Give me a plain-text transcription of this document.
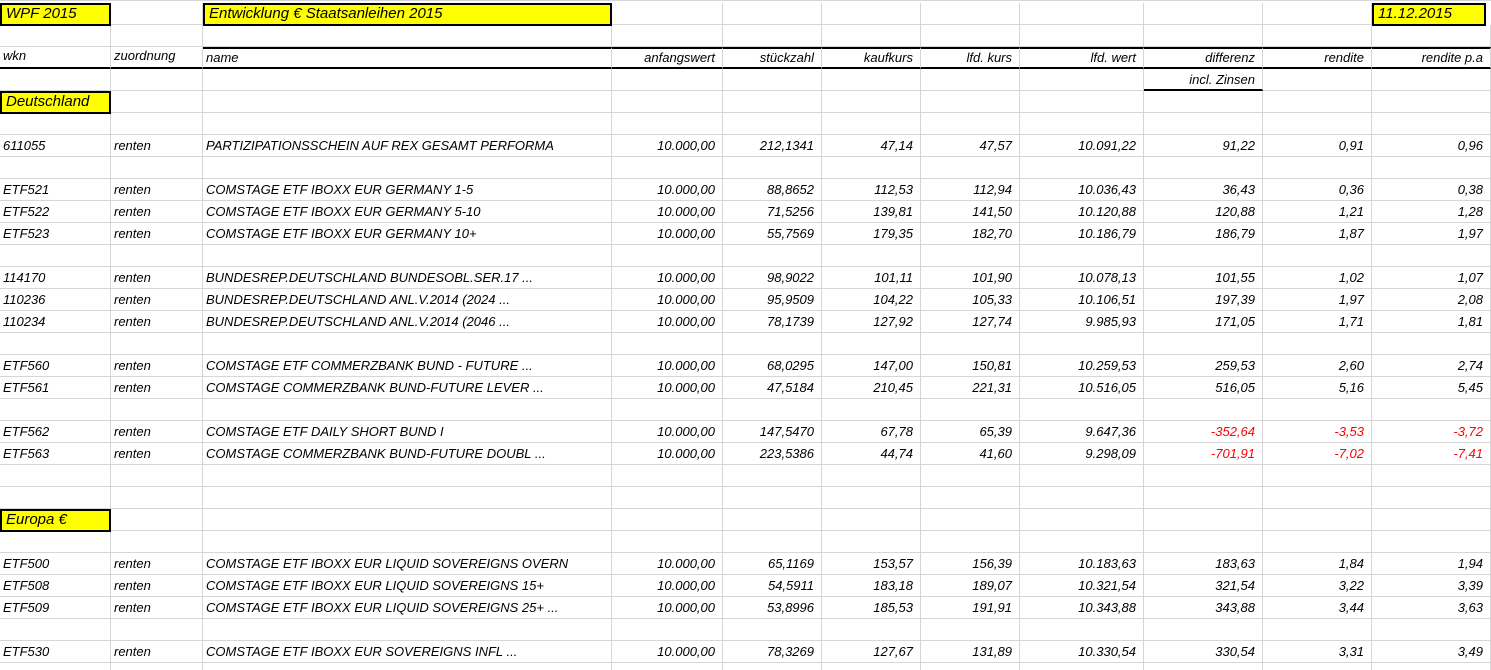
WPF 2015	Entwicklung € Staatsanleihen 2015	11.12.2015
wkn	zuordnung	name	anfangswert	stückzahl	kaufkurs	lfd. kurs	lfd. wert	differenz	rendite	rendite p.a
incl. Zinsen
Deutschland
611055	renten	PARTIZIPATIONSSCHEIN AUF REX GESAMT PERFORMA	10.000,00	212,1341	47,14	47,57	10.091,22	91,22	0,91	0,96
ETF521	renten	COMSTAGE ETF IBOXX EUR GERMANY 1-5	10.000,00	88,8652	112,53	112,94	10.036,43	36,43	0,36	0,38
ETF522	renten	COMSTAGE ETF IBOXX EUR GERMANY 5-10	10.000,00	71,5256	139,81	141,50	10.120,88	120,88	1,21	1,28
ETF523	renten	COMSTAGE ETF IBOXX EUR GERMANY 10+	10.000,00	55,7569	179,35	182,70	10.186,79	186,79	1,87	1,97
114170	renten	BUNDESREP.DEUTSCHLAND BUNDESOBL.SER.17 ...	10.000,00	98,9022	101,11	101,90	10.078,13	101,55	1,02	1,07
110236	renten	BUNDESREP.DEUTSCHLAND ANL.V.2014 (2024 ...	10.000,00	95,9509	104,22	105,33	10.106,51	197,39	1,97	2,08
110234	renten	BUNDESREP.DEUTSCHLAND ANL.V.2014 (2046 ...	10.000,00	78,1739	127,92	127,74	9.985,93	171,05	1,71	1,81
ETF560	renten	COMSTAGE ETF COMMERZBANK BUND - FUTURE ...	10.000,00	68,0295	147,00	150,81	10.259,53	259,53	2,60	2,74
ETF561	renten	COMSTAGE COMMERZBANK BUND-FUTURE LEVER ...	10.000,00	47,5184	210,45	221,31	10.516,05	516,05	5,16	5,45
ETF562	renten	COMSTAGE ETF DAILY SHORT BUND I	10.000,00	147,5470	67,78	65,39	9.647,36	-352,64	-3,53	-3,72
ETF563	renten	COMSTAGE COMMERZBANK BUND-FUTURE DOUBL ...	10.000,00	223,5386	44,74	41,60	9.298,09	-701,91	-7,02	-7,41
Europa €
ETF500	renten	COMSTAGE ETF IBOXX EUR LIQUID SOVEREIGNS OVERN	10.000,00	65,1169	153,57	156,39	10.183,63	183,63	1,84	1,94
ETF508	renten	COMSTAGE ETF IBOXX EUR LIQUID SOVEREIGNS 15+	10.000,00	54,5911	183,18	189,07	10.321,54	321,54	3,22	3,39
ETF509	renten	COMSTAGE ETF IBOXX EUR LIQUID SOVEREIGNS 25+ ...	10.000,00	53,8996	185,53	191,91	10.343,88	343,88	3,44	3,63
ETF530	renten	COMSTAGE ETF IBOXX EUR SOVEREIGNS INFL ...	10.000,00	78,3269	127,67	131,89	10.330,54	330,54	3,31	3,49
